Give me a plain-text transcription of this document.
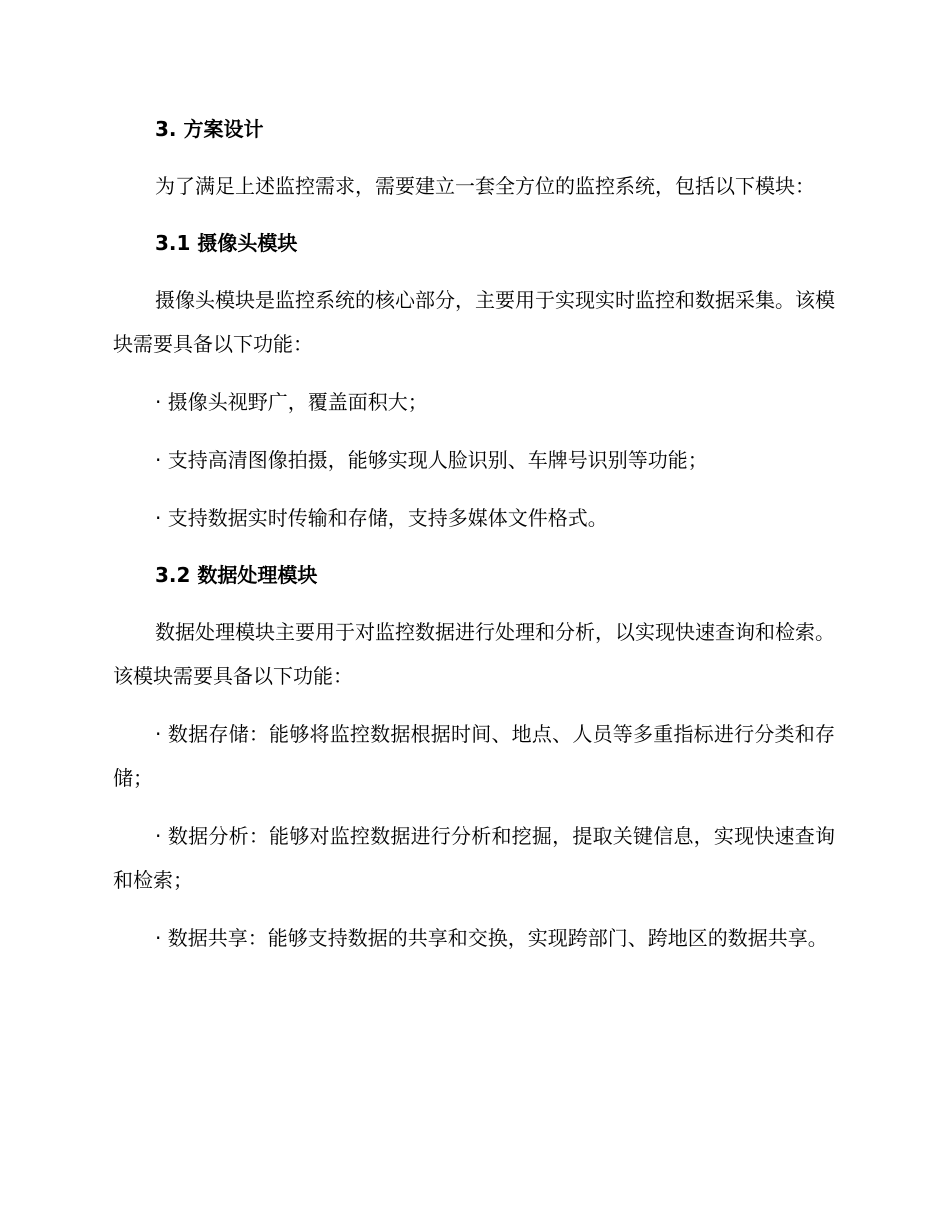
3. 方案设计

为了满足上述监控需求，需要建立一套全方位的监控系统，包括以下模块：

3.1 摄像头模块

摄像头模块是监控系统的核心部分，主要用于实现实时监控和数据采集。该模块需要具备以下功能：

· 摄像头视野广，覆盖面积大；

· 支持高清图像拍摄，能够实现人脸识别、车牌号识别等功能；

· 支持数据实时传输和存储，支持多媒体文件格式。

3.2 数据处理模块

数据处理模块主要用于对监控数据进行处理和分析，以实现快速查询和检索。该模块需要具备以下功能：

· 数据存储：能够将监控数据根据时间、地点、人员等多重指标进行分类和存储；

· 数据分析：能够对监控数据进行分析和挖掘，提取关键信息，实现快速查询和检索；

· 数据共享：能够支持数据的共享和交换，实现跨部门、跨地区的数据共享。
